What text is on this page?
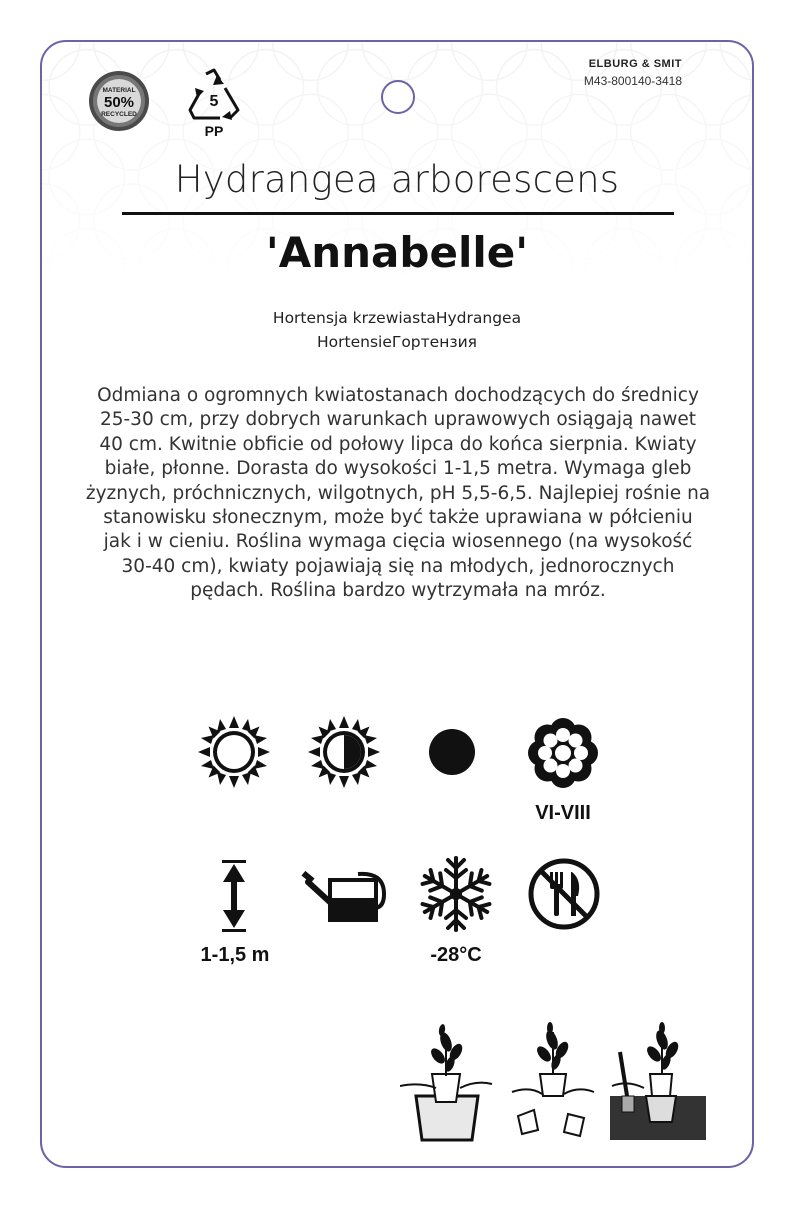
MATERIAL
50%
RECYCLED
5
PP
ELBURG & SMIT
M43-800140-3418
Hydrangea arborescens
'Annabelle'
Hortensja krzewiastaHydrangea
HortensieГортензия
Odmiana o ogromnych kwiatostanach dochodzących do średnicy
25-30 cm, przy dobrych warunkach uprawowych osiągają nawet
40 cm. Kwitnie obficie od połowy lipca do końca sierpnia. Kwiaty
białe, płonne. Dorasta do wysokości 1-1,5 metra. Wymaga gleb
żyznych, próchnicznych, wilgotnych, pH 5,5-6,5. Najlepiej rośnie na
stanowisku słonecznym, może być także uprawiana w półcieniu
jak i w cieniu. Roślina wymaga cięcia wiosennego (na wysokość
30-40 cm), kwiaty pojawiają się na młodych, jednorocznych
pędach. Roślina bardzo wytrzymała na mróz.
VI-VIII
1-1,5 m	-28°C
